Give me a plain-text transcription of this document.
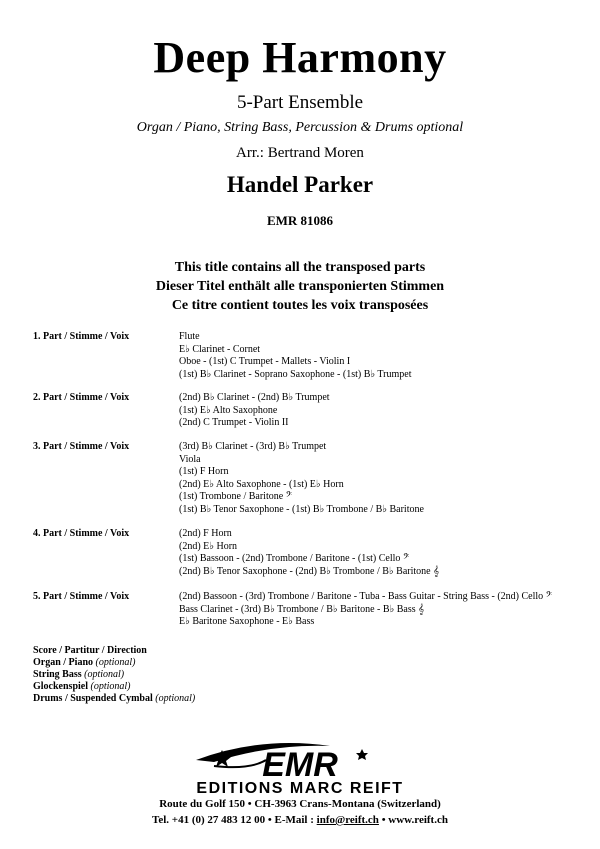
Deep Harmony
5-Part Ensemble
Organ / Piano, String Bass, Percussion & Drums optional
Arr.: Bertrand Moren
Handel Parker
EMR 81086
This title contains all the transposed parts
Dieser Titel enthält alle transponierten Stimmen
Ce titre contient toutes les voix transposées
1. Part / Stimme / Voix	Flute
E♭ Clarinet - Cornet
Oboe - (1st) C Trumpet - Mallets - Violin I
(1st) B♭ Clarinet - Soprano Saxophone - (1st) B♭ Trumpet
2. Part / Stimme / Voix	(2nd) B♭ Clarinet - (2nd) B♭ Trumpet
(1st) E♭ Alto Saxophone
(2nd) C Trumpet - Violin II
3. Part / Stimme / Voix	(3rd) B♭ Clarinet - (3rd) B♭ Trumpet
Viola
(1st) F Horn
(2nd) E♭ Alto Saxophone - (1st) E♭ Horn
(1st) Trombone / Baritone 𝄢
(1st) B♭ Tenor Saxophone - (1st) B♭ Trombone / B♭ Baritone
4. Part / Stimme / Voix	(2nd) F Horn
(2nd) E♭ Horn
(1st) Bassoon - (2nd) Trombone / Baritone - (1st) Cello 𝄢
(2nd) B♭ Tenor Saxophone - (2nd) B♭ Trombone / B♭ Baritone 𝄞
5. Part / Stimme / Voix	(2nd) Bassoon - (3rd) Trombone / Baritone - Tuba - Bass Guitar - String Bass - (2nd) Cello 𝄢
Bass Clarinet - (3rd) B♭ Trombone / B♭ Baritone - B♭ Bass 𝄞
E♭ Baritone Saxophone - E♭ Bass
Score / Partitur / Direction
Organ / Piano (optional)
String Bass (optional)
Glockenspiel (optional)
Drums / Suspended Cymbal (optional)
EMR
EDITIONS MARC REIFT
Route du Golf 150 • CH-3963 Crans-Montana (Switzerland)
Tel. +41 (0) 27 483 12 00 • E-Mail : info@reift.ch • www.reift.ch
